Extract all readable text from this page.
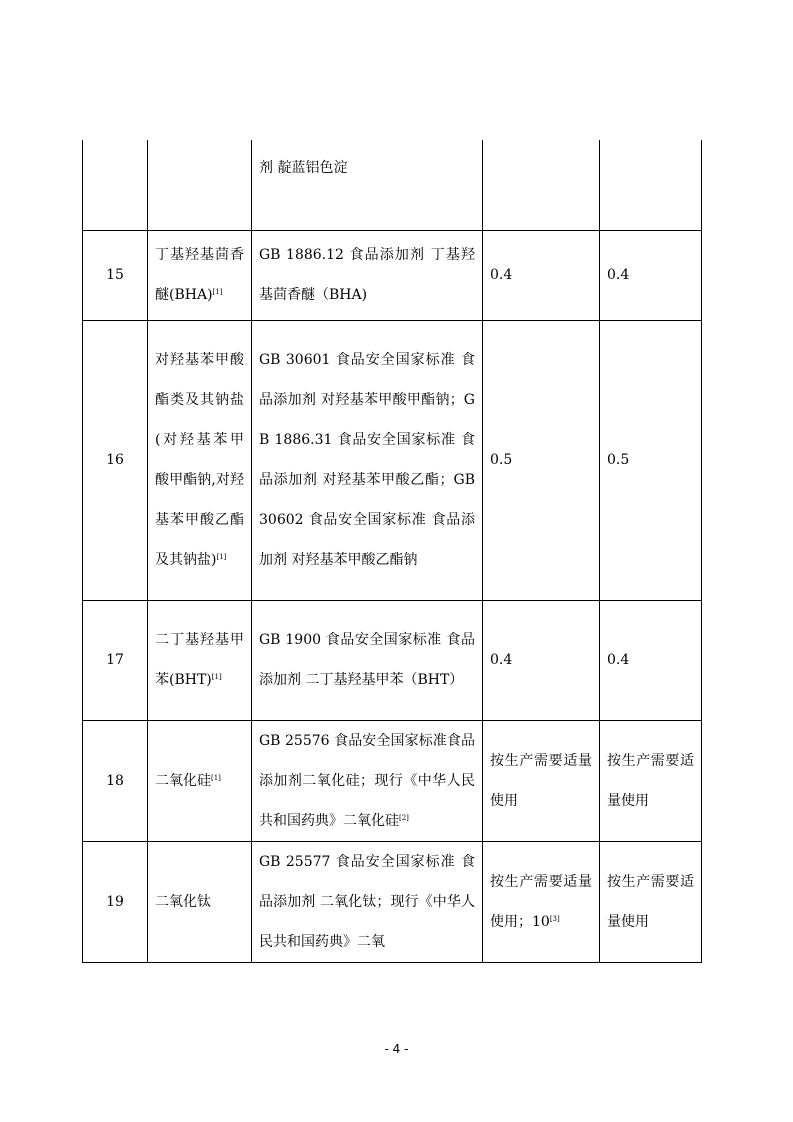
		剂 靛蓝铝色淀		
15	丁基羟基茴香醚(BHA)[1]	GB 1886.12 食品添加剂 丁基羟基茴香醚（BHA)	0.4	0.4
16	对羟基苯甲酸酯类及其钠盐(对羟基苯甲酸甲酯钠,对羟基苯甲酸乙酯及其钠盐)[1]	GB 30601 食品安全国家标准 食品添加剂 对羟基苯甲酸甲酯钠；GB 1886.31 食品安全国家标准 食品添加剂 对羟基苯甲酸乙酯；GB 30602 食品安全国家标准 食品添加剂 对羟基苯甲酸乙酯钠	0.5	0.5
17	二丁基羟基甲苯(BHT)[1]	GB 1900 食品安全国家标准 食品添加剂 二丁基羟基甲苯（BHT）	0.4	0.4
18	二氧化硅[1]	GB 25576 食品安全国家标准食品添加剂二氧化硅；现行《中华人民共和国药典》二氧化硅[2]	按生产需要适量使用	按生产需要适量使用
19	二氧化钛	GB 25577 食品安全国家标准 食品添加剂 二氧化钛；现行《中华人民共和国药典》二氧	按生产需要适量使用；10[3]	按生产需要适量使用
- 4 -
